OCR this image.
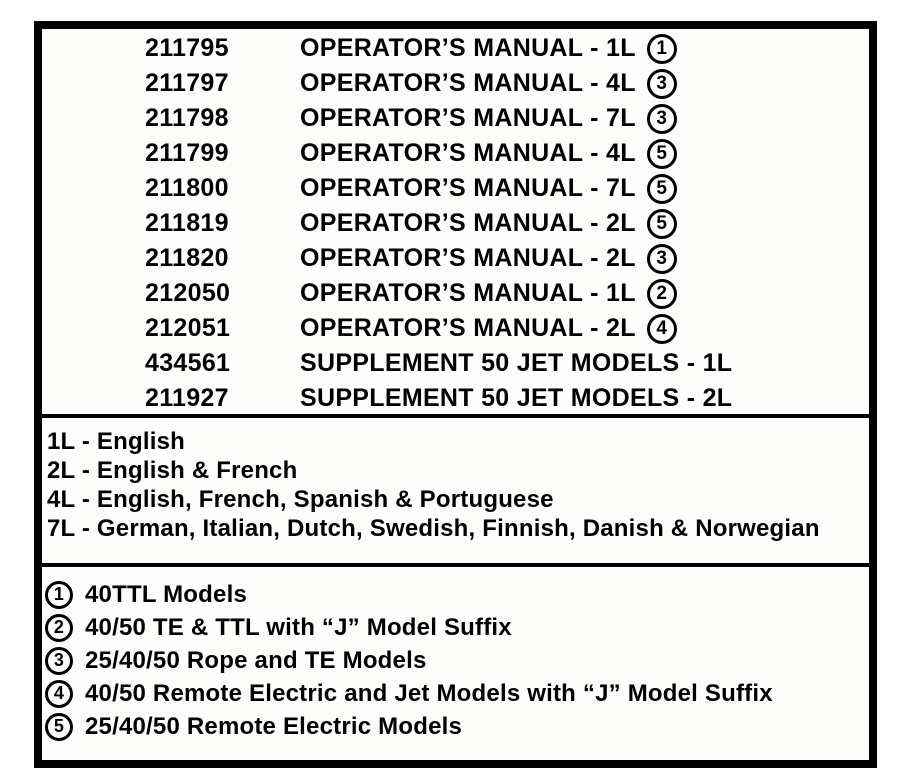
211795	OPERATOR’S MANUAL - 1L	1
211797	OPERATOR’S MANUAL - 4L	3
211798	OPERATOR’S MANUAL - 7L	3
211799	OPERATOR’S MANUAL - 4L	5
211800	OPERATOR’S MANUAL - 7L	5
211819	OPERATOR’S MANUAL - 2L	5
211820	OPERATOR’S MANUAL - 2L	3
212050	OPERATOR’S MANUAL - 1L	2
212051	OPERATOR’S MANUAL - 2L	4
434561	SUPPLEMENT 50 JET MODELS - 1L
211927	SUPPLEMENT 50 JET MODELS - 2L
1L - English
2L - English & French
4L - English, French, Spanish & Portuguese
7L - German, Italian, Dutch, Swedish, Finnish, Danish & Norwegian
1 40TTL Models
2 40/50 TE & TTL with “J” Model Suffix
3 25/40/50 Rope and TE Models
4 40/50 Remote Electric and Jet Models with “J” Model Suffix
5 25/40/50 Remote Electric Models
